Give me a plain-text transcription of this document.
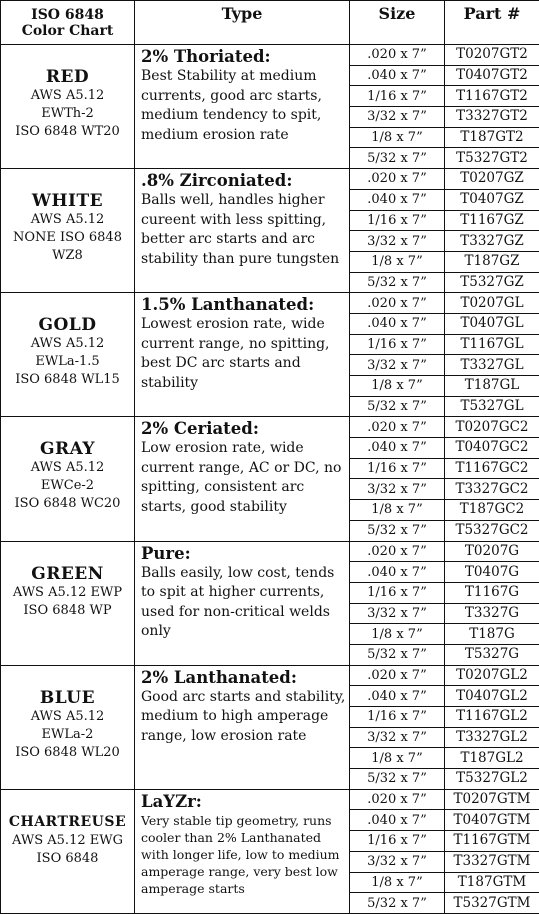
ISO 6848
Color Chart	Type	Size	Part #

RED
AWS A5.12
EWTh-2
ISO 6848 WT20	2% Thoriated:
Best Stability at medium currents, good arc starts, medium tendency to spit, medium erosion rate	.020 x 7”	T0207GT2
		.040 x 7”	T0407GT2
		1/16 x 7”	T1167GT2
		3/32 x 7”	T3327GT2
		1/8 x 7”	T187GT2
		5/32 x 7”	T5327GT2

WHITE
AWS A5.12
NONE ISO 6848
WZ8	.8% Zirconiated:
Balls well, handles higher cureent with less spitting, better arc starts and arc stability than pure tungsten	.020 x 7”	T0207GZ
		.040 x 7”	T0407GZ
		1/16 x 7”	T1167GZ
		3/32 x 7”	T3327GZ
		1/8 x 7”	T187GZ
		5/32 x 7”	T5327GZ

GOLD
AWS A5.12
EWLa-1.5
ISO 6848 WL15	1.5% Lanthanated:
Lowest erosion rate, wide current range, no spitting, best DC arc starts and stability	.020 x 7”	T0207GL
		.040 x 7”	T0407GL
		1/16 x 7”	T1167GL
		3/32 x 7”	T3327GL
		1/8 x 7”	T187GL
		5/32 x 7”	T5327GL

GRAY
AWS A5.12
EWCe-2
ISO 6848 WC20	2% Ceriated:
Low erosion rate, wide current range, AC or DC, no spitting, consistent arc starts, good stability	.020 x 7”	T0207GC2
		.040 x 7”	T0407GC2
		1/16 x 7”	T1167GC2
		3/32 x 7”	T3327GC2
		1/8 x 7”	T187GC2
		5/32 x 7”	T5327GC2

GREEN
AWS A5.12 EWP
ISO 6848 WP	Pure:
Balls easily, low cost, tends to spit at higher currents, used for non-critical welds only	.020 x 7”	T0207G
		.040 x 7”	T0407G
		1/16 x 7”	T1167G
		3/32 x 7”	T3327G
		1/8 x 7”	T187G
		5/32 x 7”	T5327G

BLUE
AWS A5.12
EWLa-2
ISO 6848 WL20	2% Lanthanated:
Good arc starts and stability, medium to high amperage range, low erosion rate	.020 x 7”	T0207GL2
		.040 x 7”	T0407GL2
		1/16 x 7”	T1167GL2
		3/32 x 7”	T3327GL2
		1/8 x 7”	T187GL2
		5/32 x 7”	T5327GL2

CHARTREUSE
AWS A5.12 EWG
ISO 6848	LaYZr:
Very stable tip geometry, runs cooler than 2% Lanthanated with longer life, low to medium amperage range, very best low amperage starts	.020 x 7”	T0207GTM
		.040 x 7”	T0407GTM
		1/16 x 7”	T1167GTM
		3/32 x 7”	T3327GTM
		1/8 x 7”	T187GTM
		5/32 x 7”	T5327GTM
